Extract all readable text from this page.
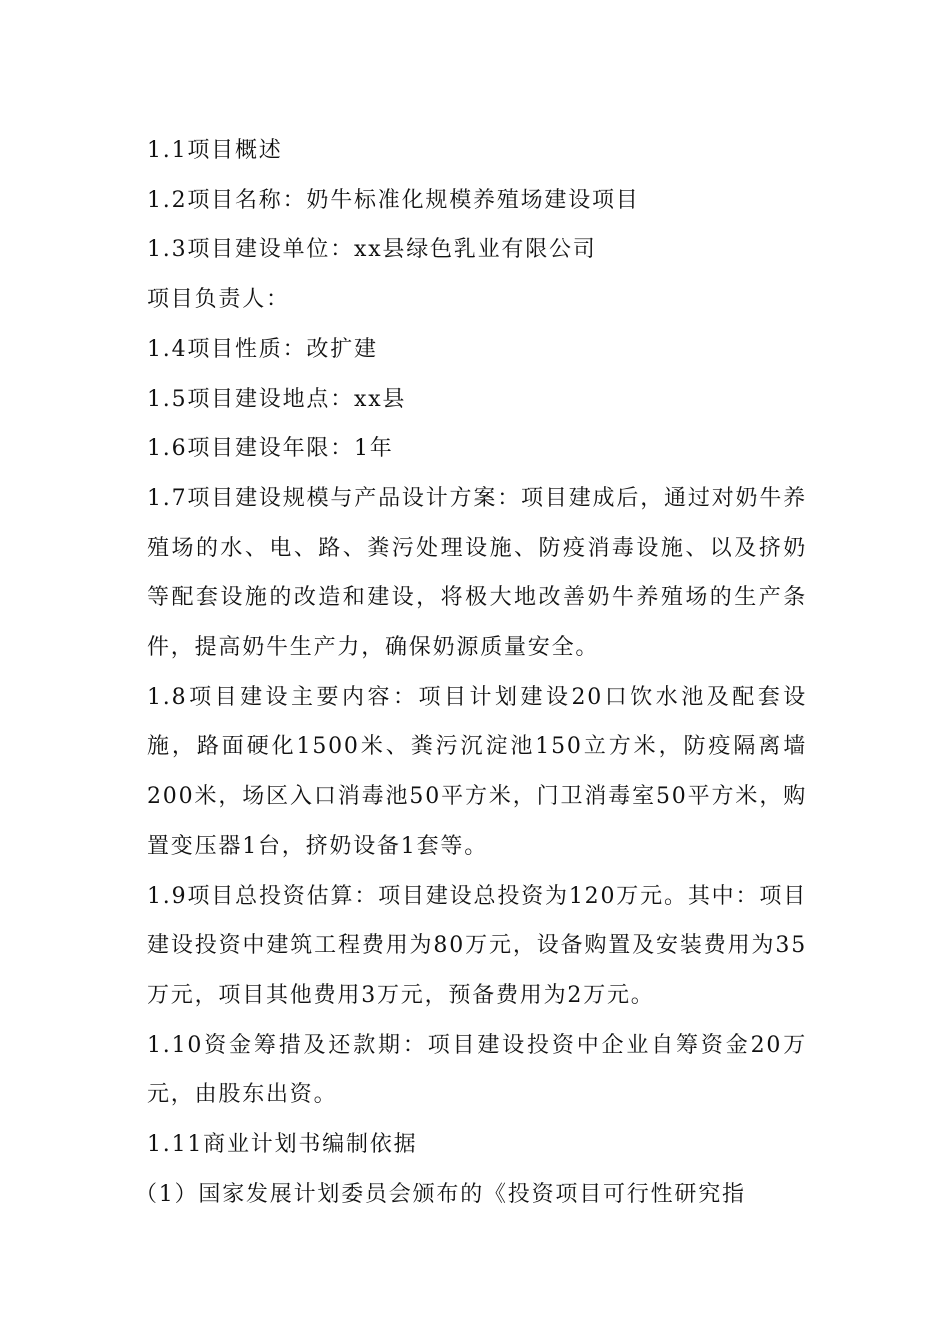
1.1项目概述

1.2项目名称：奶牛标准化规模养殖场建设项目

1.3项目建设单位：xx县绿色乳业有限公司

项目负责人：

1.4项目性质：改扩建

1.5项目建设地点：xx县

1.6项目建设年限：1年

1.7项目建设规模与产品设计方案：项目建成后，通过对奶牛养殖场的水、电、路、粪污处理设施、防疫消毒设施、以及挤奶等配套设施的改造和建设，将极大地改善奶牛养殖场的生产条件，提高奶牛生产力，确保奶源质量安全。

1.8项目建设主要内容：项目计划建设20口饮水池及配套设施，路面硬化1500米、粪污沉淀池150立方米，防疫隔离墙200米，场区入口消毒池50平方米，门卫消毒室50平方米，购置变压器1台，挤奶设备1套等。

1.9项目总投资估算：项目建设总投资为120万元。其中：项目建设投资中建筑工程费用为80万元，设备购置及安装费用为35万元，项目其他费用3万元，预备费用为2万元。

1.10资金筹措及还款期：项目建设投资中企业自筹资金20万元，由股东出资。

1.11商业计划书编制依据

（1）国家发展计划委员会颁布的《投资项目可行性研究指
